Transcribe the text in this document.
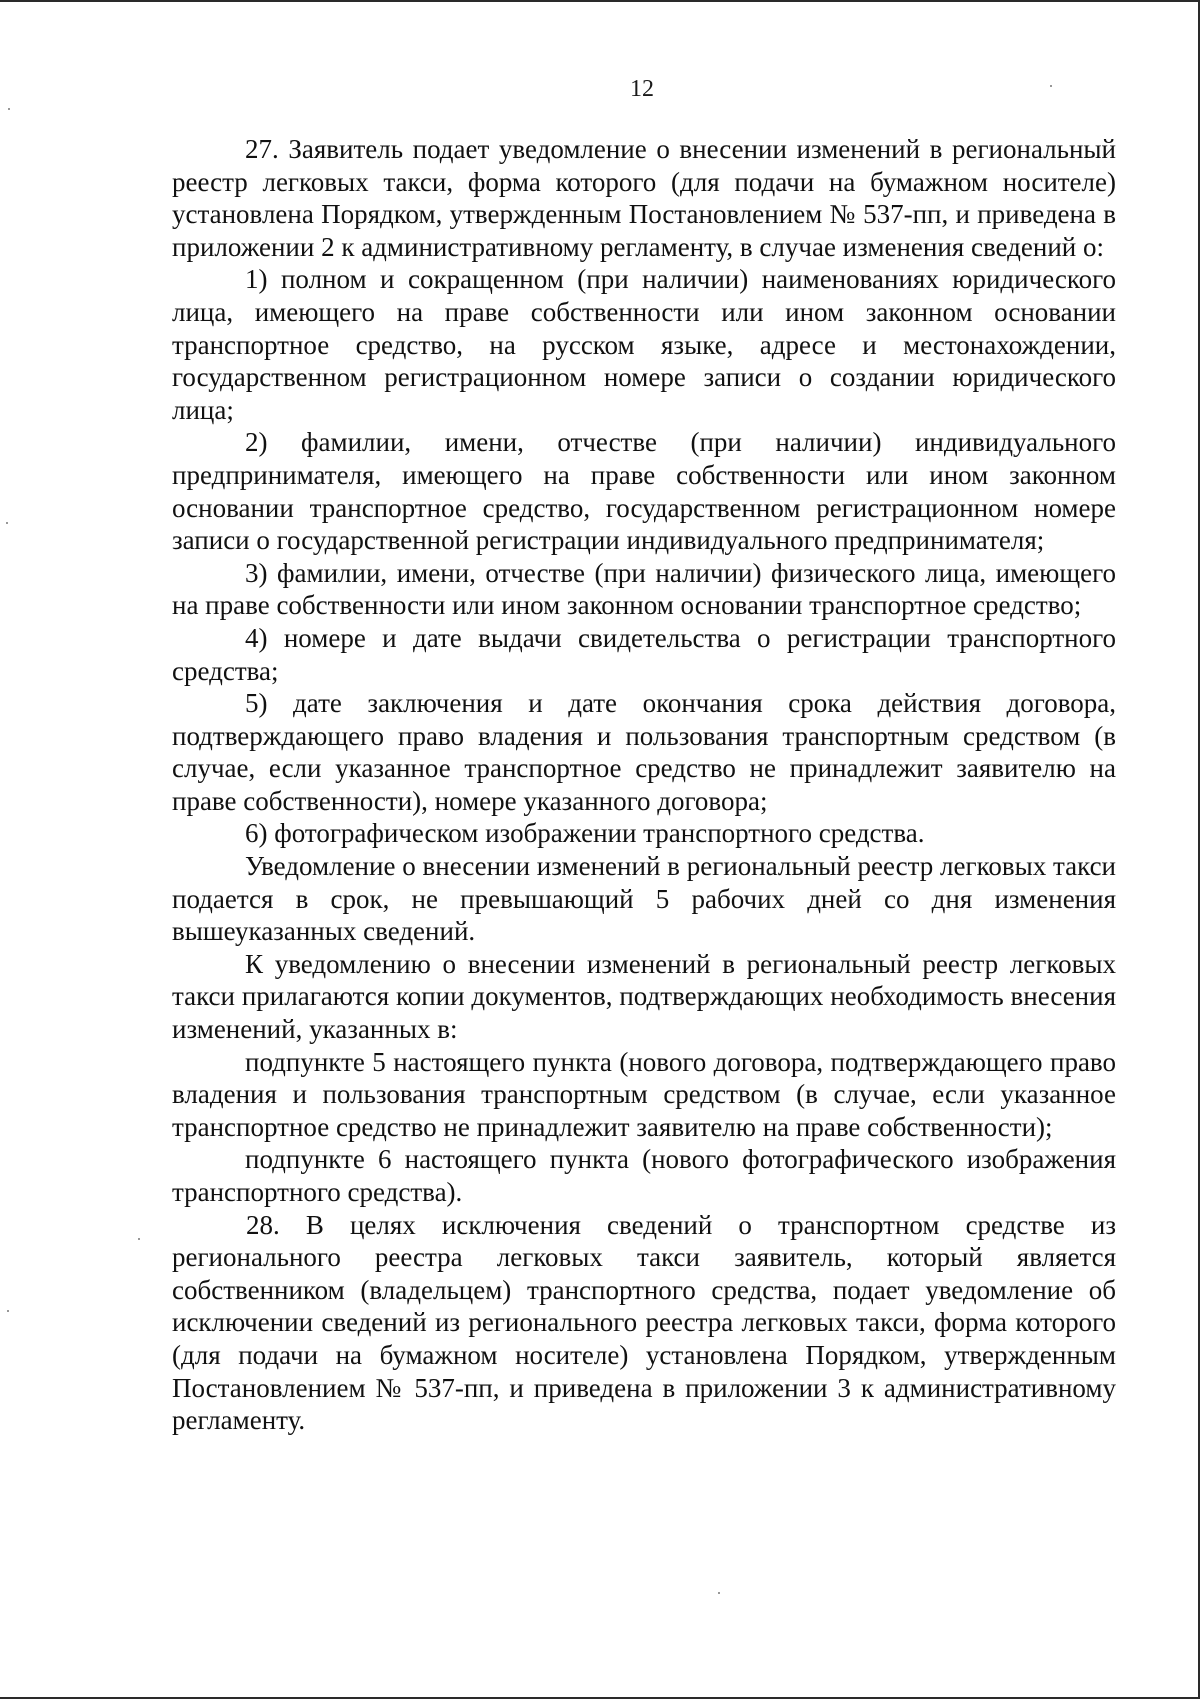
12

27. Заявитель подает уведомление о внесении изменений в региональный реестр легковых такси, форма которого (для подачи на бумажном носителе) установлена Порядком, утвержденным Постановлением № 537-пп, и приведена в приложении 2 к административному регламенту, в случае изменения сведений о:

1) полном и сокращенном (при наличии) наименованиях юридического лица, имеющего на праве собственности или ином законном основании транспортное средство, на русском языке, адресе и местонахождении, государственном регистрационном номере записи о создании юридического лица;

2) фамилии, имени, отчестве (при наличии) индивидуального предпринимателя, имеющего на праве собственности или ином законном основании транспортное средство, государственном регистрационном номере записи о государственной регистрации индивидуального предпринимателя;

3) фамилии, имени, отчестве (при наличии) физического лица, имеющего на праве собственности или ином законном основании транспортное средство;

4) номере и дате выдачи свидетельства о регистрации транспортного средства;

5) дате заключения и дате окончания срока действия договора, подтверждающего право владения и пользования транспортным средством (в случае, если указанное транспортное средство не принадлежит заявителю на праве собственности), номере указанного договора;

6) фотографическом изображении транспортного средства.

Уведомление о внесении изменений в региональный реестр легковых такси подается в срок, не превышающий 5 рабочих дней со дня изменения вышеуказанных сведений.

К уведомлению о внесении изменений в региональный реестр легковых такси прилагаются копии документов, подтверждающих необходимость внесения изменений, указанных в:

подпункте 5 настоящего пункта (нового договора, подтверждающего право владения и пользования транспортным средством (в случае, если указанное транспортное средство не принадлежит заявителю на праве собственности);

подпункте 6 настоящего пункта (нового фотографического изображения транспортного средства).

28. В целях исключения сведений о транспортном средстве из регионального реестра легковых такси заявитель, который является собственником (владельцем) транспортного средства, подает уведомление об исключении сведений из регионального реестра легковых такси, форма которого (для подачи на бумажном носителе) установлена Порядком, утвержденным Постановлением № 537-пп, и приведена в приложении 3 к административному регламенту.
